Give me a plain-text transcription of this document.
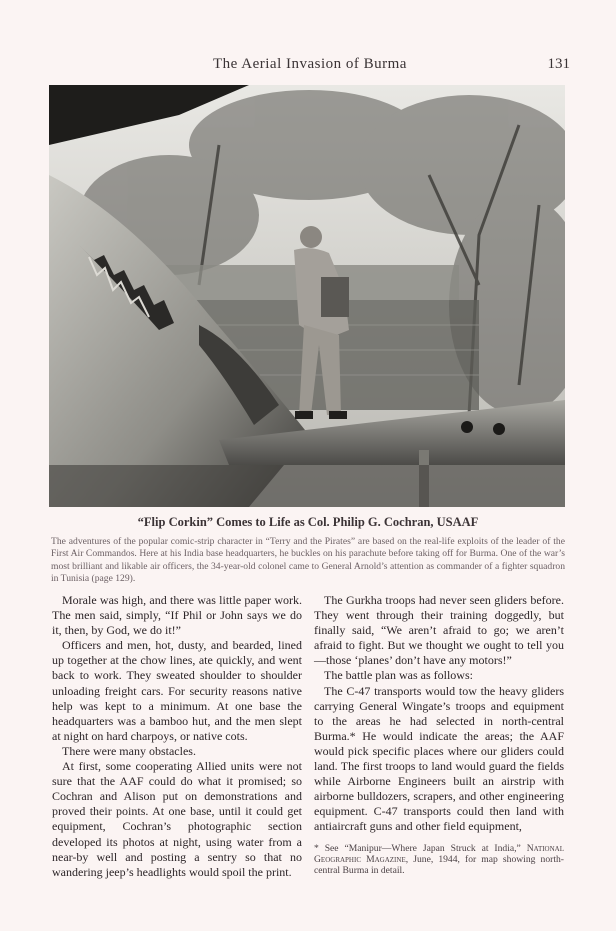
The Aerial Invasion of Burma	131
“Flip Corkin” Comes to Life as Col. Philip G. Cochran, USAAF
The adventures of the popular comic-strip character in “Terry and the Pirates” are based on the real-life exploits of the leader of the First Air Commandos. Here at his India base headquarters, he buckles on his parachute before taking off for Burma. One of the war’s most brilliant and likable air officers, the 34-year-old colonel came to General Arnold’s attention as commander of a fighter squadron in Tunisia (page 129).

Morale was high, and there was little paper work. The men said, simply, “If Phil or John says we do it, then, by God, we do it!”

Officers and men, hot, dusty, and bearded, lined up together at the chow lines, ate quickly, and went back to work. They sweated shoulder to shoulder unloading freight cars. For security reasons native help was kept to a minimum. At one base the headquarters was a bamboo hut, and the men slept at night on hard charpoys, or native cots.

There were many obstacles.

At first, some cooperating Allied units were not sure that the AAF could do what it promised; so Cochran and Alison put on demonstrations and proved their points. At one base, until it could get equipment, Cochran’s photographic section developed its photos at night, using water from a near-by well and posting a sentry so that no wandering jeep’s headlights would spoil the print.

The Gurkha troops had never seen gliders before. They went through their training doggedly, but finally said, “We aren’t afraid to go; we aren’t afraid to fight. But we thought we ought to tell you—those ‘planes’ don’t have any motors!”

The battle plan was as follows:

The C-47 transports would tow the heavy gliders carrying General Wingate’s troops and equipment to the areas he had selected in north-central Burma.* He would indicate the areas; the AAF would pick specific places where our gliders could land. The first troops to land would guard the fields while Airborne Engineers built an airstrip with airborne bulldozers, scrapers, and other engineering equipment. C-47 transports could then land with antiaircraft guns and other field equipment,

* See “Manipur—Where Japan Struck at India,” National Geographic Magazine, June, 1944, for map showing north-central Burma in detail.
